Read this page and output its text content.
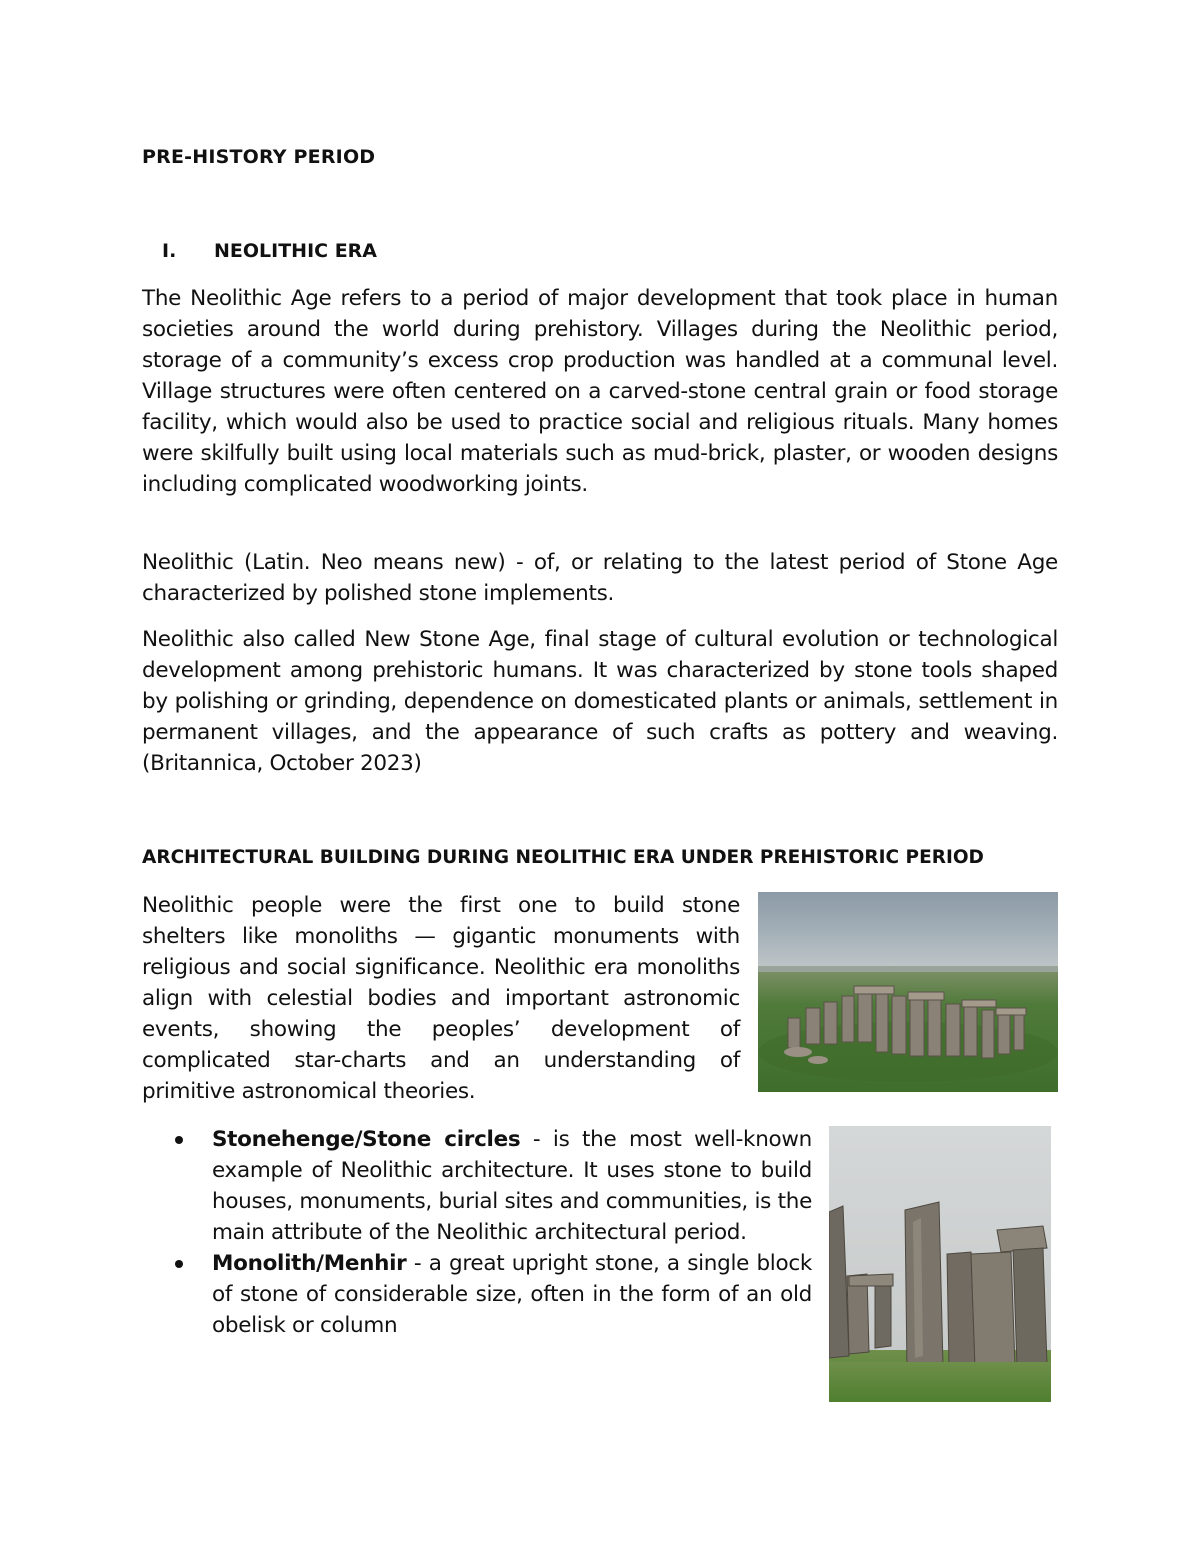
PRE-HISTORY PERIOD
I. NEOLITHIC ERA

The Neolithic Age refers to a period of major development that took place in human societies around the world during prehistory. Villages during the Neolithic period, storage of a community’s excess crop production was handled at a communal level. Village structures were often centered on a carved-stone central grain or food storage facility, which would also be used to practice social and religious rituals. Many homes were skilfully built using local materials such as mud-brick, plaster, or wooden designs including complicated woodworking joints.

Neolithic (Latin. Neo means new) - of, or relating to the latest period of Stone Age characterized by polished stone implements.

Neolithic also called New Stone Age, final stage of cultural evolution or technological development among prehistoric humans. It was characterized by stone tools shaped by polishing or grinding, dependence on domesticated plants or animals, settlement in permanent villages, and the appearance of such crafts as pottery and weaving. (Britannica, October 2023)

ARCHITECTURAL BUILDING DURING NEOLITHIC ERA UNDER PREHISTORIC PERIOD

Neolithic people were the first one to build stone shelters like monoliths — gigantic monuments with religious and social significance. Neolithic era monoliths align with celestial bodies and important astronomic events, showing the peoples’ development of complicated star-charts and an understanding of primitive astronomical theories.

Stonehenge/Stone circles - is the most well-known example of Neolithic architecture. It uses stone to build houses, monuments, burial sites and communities, is the main attribute of the Neolithic architectural period.
Monolith/Menhir - a great upright stone, a single block of stone of considerable size, often in the form of an old obelisk or column
